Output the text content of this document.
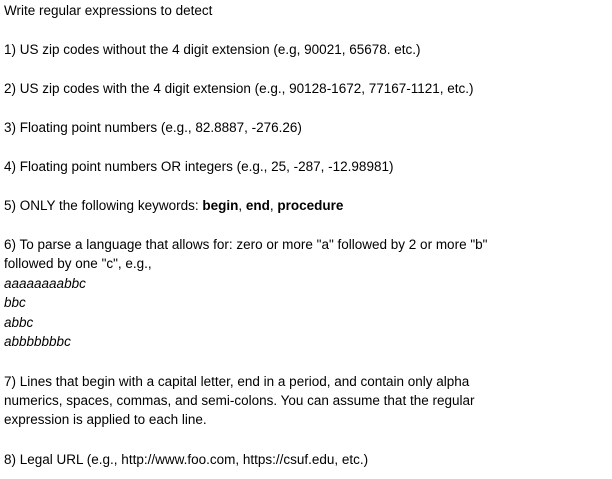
Write regular expressions to detect
1) US zip codes without the 4 digit extension (e.g, 90021, 65678. etc.)
2) US zip codes with the 4 digit extension (e.g., 90128-1672, 77167-1121, etc.)
3) Floating point numbers (e.g., 82.8887, -276.26)
4) Floating point numbers OR integers (e.g., 25, -287, -12.98981)
5) ONLY the following keywords: begin, end, procedure
6) To parse a language that allows for: zero or more "a" followed by 2 or more "b"
followed by one "c", e.g.,
aaaaaaaabbc
bbc
abbc
abbbbbbbc
7) Lines that begin with a capital letter, end in a period, and contain only alpha
numerics, spaces, commas, and semi-colons. You can assume that the regular
expression is applied to each line.
8) Legal URL (e.g., http://www.foo.com, https://csuf.edu, etc.)
